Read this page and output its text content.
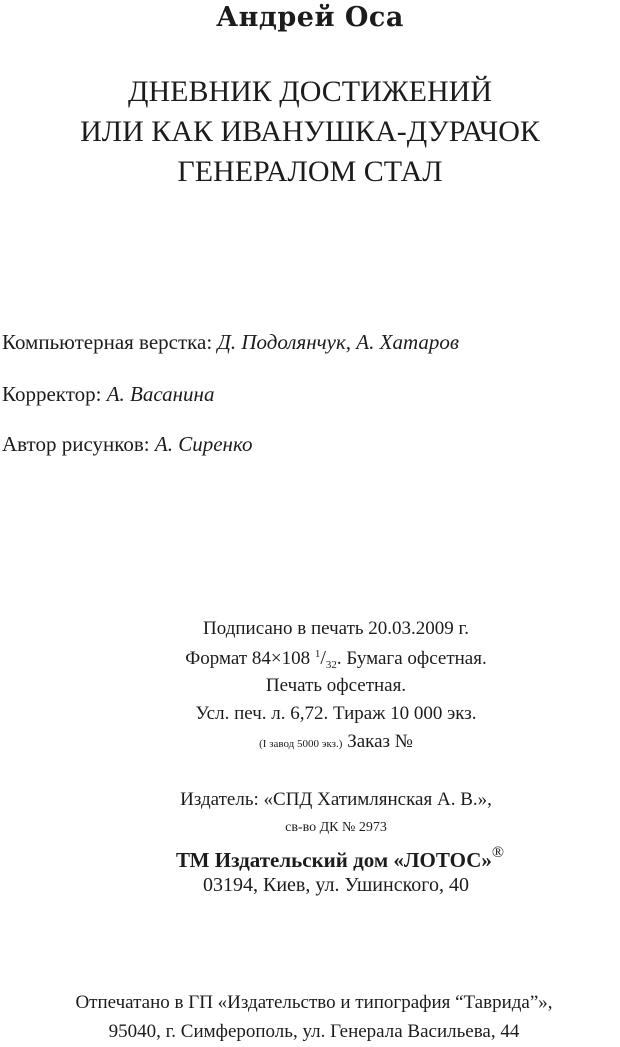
Андрей Оса
ДНЕВНИК ДОСТИЖЕНИЙ
ИЛИ КАК ИВАНУШКА-ДУРАЧОК
ГЕНЕРАЛОМ СТАЛ
Компьютерная верстка: Д. Подолянчук, А. Хатаров
Корректор: А. Васанина
Автор рисунков: А. Сиренко
Подписано в печать 20.03.2009 г.
Формат 84×108 $^1/_{32}$. Бумага офсетная.
Печать офсетная.
Усл. печ. л. 6,72. Тираж 10 000 экз.
(I завод 5000 экз.) Заказ №
Издатель: «СПД Хатимлянская А. В.»,
св-во ДК № 2973
ТМ Издательский дом «ЛОТОС»®
03194, Киев, ул. Ушинского, 40
Отпечатано в ГП «Издательство и типография “Таврида”»,
95040, г. Симферополь, ул. Генерала Васильева, 44
